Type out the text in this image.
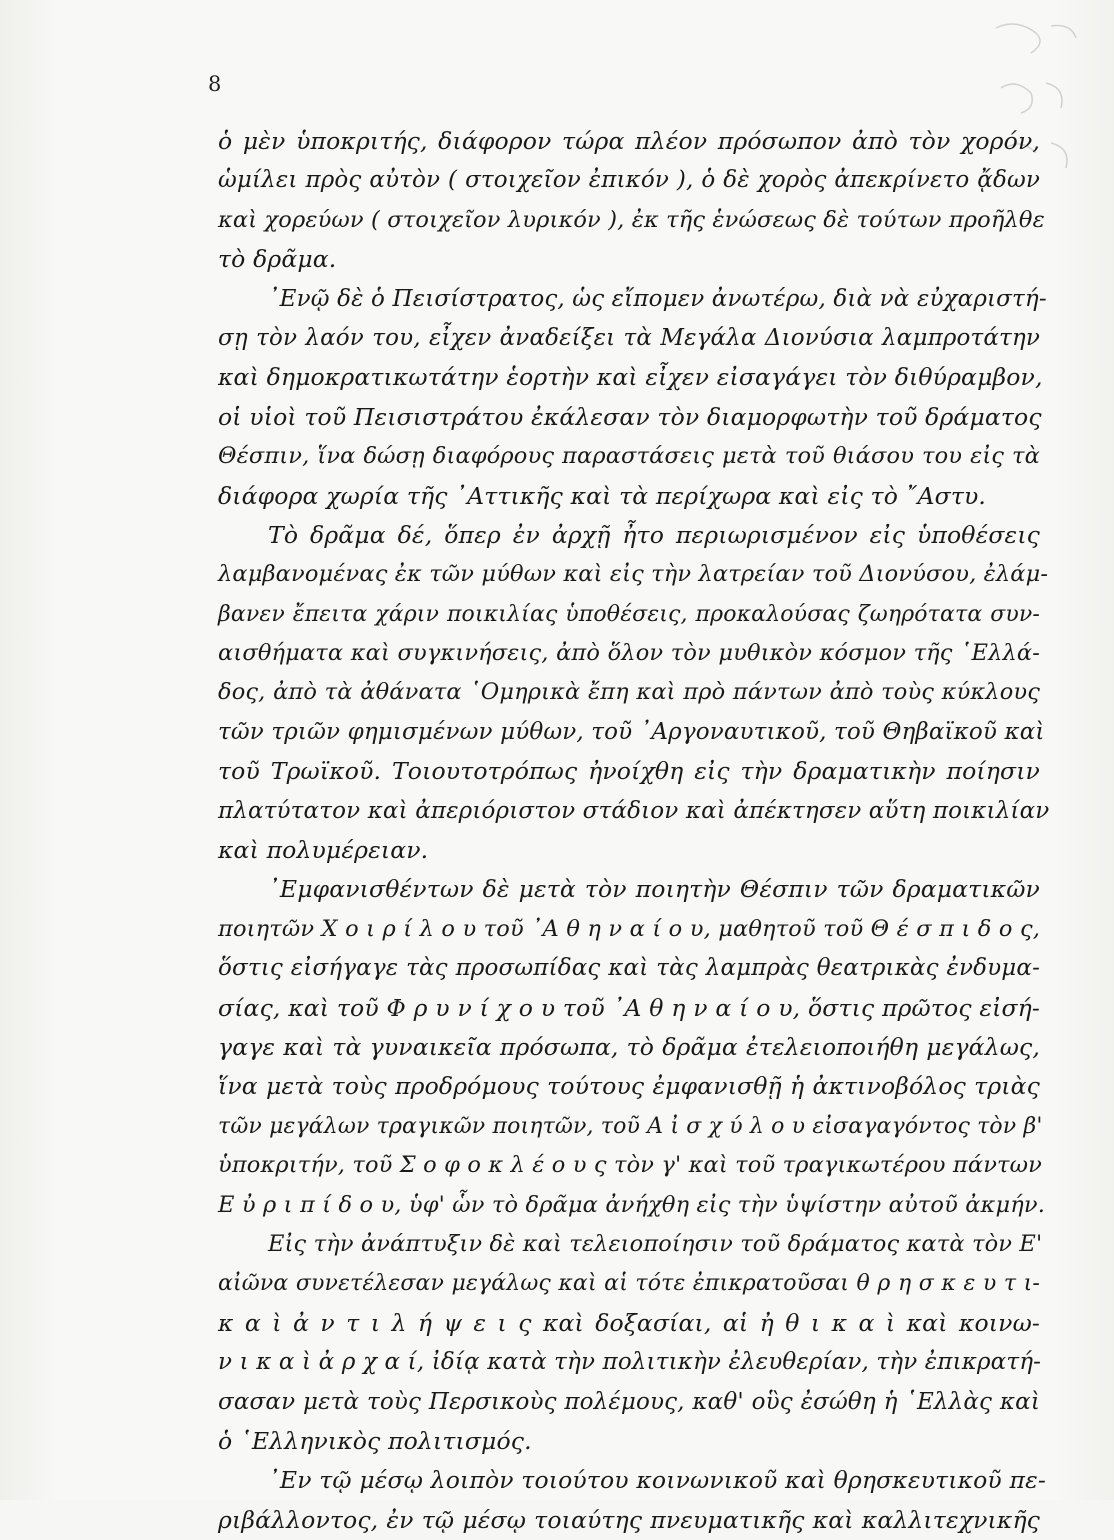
8
ὁ μὲν ὑποκριτής, διάφορον τώρα πλέον πρόσωπον ἀπὸ τὸν χορόν,
ὡμίλει πρὸς αὐτὸν ( στοιχεῖον ἐπικόν ), ὁ δὲ χορὸς ἀπεκρίνετο ᾄδων
καὶ χορεύων ( στοιχεῖον λυρικόν ), ἐκ τῆς ἑνώσεως δὲ τούτων προῆλθε
τὸ δρᾶμα.
᾿Ενῷ δὲ ὁ Πεισίστρατος, ὡς εἴπομεν ἀνωτέρω, διὰ νὰ εὐχαριστή-
σῃ τὸν λαόν του, εἶχεν ἀναδείξει τὰ Μεγάλα Διονύσια λαμπροτάτην
καὶ δημοκρατικωτάτην ἑορτὴν καὶ εἶχεν εἰσαγάγει τὸν διθύραμβον,
οἱ υἱοὶ τοῦ Πεισιστράτου ἐκάλεσαν τὸν διαμορφωτὴν τοῦ δράματος
Θέσπιν, ἵνα δώσῃ διαφόρους παραστάσεις μετὰ τοῦ θιάσου του εἰς τὰ
διάφορα χωρία τῆς ᾿Αττικῆς καὶ τὰ περίχωρα καὶ εἰς τὸ ῎Αστυ.
Τὸ δρᾶμα δέ, ὅπερ ἐν ἀρχῇ ἦτο περιωρισμένον εἰς ὑποθέσεις
λαμβανομένας ἐκ τῶν μύθων καὶ εἰς τὴν λατρείαν τοῦ Διονύσου, ἐλάμ-
βανεν ἔπειτα χάριν ποικιλίας ὑποθέσεις, προκαλούσας ζωηρότατα συν-
αισθήματα καὶ συγκινήσεις, ἀπὸ ὅλον τὸν μυθικὸν κόσμον τῆς ῾Ελλά-
δος, ἀπὸ τὰ ἀθάνατα ῾Ομηρικὰ ἔπη καὶ πρὸ πάντων ἀπὸ τοὺς κύκλους
τῶν τριῶν φημισμένων μύθων, τοῦ ᾿Αργοναυτικοῦ, τοῦ Θηβαϊκοῦ καὶ
τοῦ Τρωϊκοῦ. Τοιουτοτρόπως ἠνοίχθη εἰς τὴν δραματικὴν ποίησιν
πλατύτατον καὶ ἀπεριόριστον στάδιον καὶ ἀπέκτησεν αὕτη ποικιλίαν
καὶ πολυμέρειαν.
᾿Εμφανισθέντων δὲ μετὰ τὸν ποιητὴν Θέσπιν τῶν δραματικῶν
ποιητῶν Χ ο ι ρ ί λ ο υ τοῦ ᾿Α θ η ν α ί ο υ, μαθητοῦ τοῦ Θ έ σ π ι δ ο ς,
ὅστις εἰσήγαγε τὰς προσωπίδας καὶ τὰς λαμπρὰς θεατρικὰς ἐνδυμα-
σίας, καὶ τοῦ Φ ρ υ ν ί χ ο υ τοῦ ᾿Α θ η ν α ί ο υ, ὅστις πρῶτος εἰσή-
γαγε καὶ τὰ γυναικεῖα πρόσωπα, τὸ δρᾶμα ἐτελειοποιήθη μεγάλως,
ἵνα μετὰ τοὺς προδρόμους τούτους ἐμφανισθῇ ἡ ἀκτινοβόλος τριὰς
τῶν μεγάλων τραγικῶν ποιητῶν, τοῦ Α ἰ σ χ ύ λ ο υ εἰσαγαγόντος τὸν β'
ὑποκριτήν, τοῦ Σ ο φ ο κ λ έ ο υ ς τὸν γ' καὶ τοῦ τραγικωτέρου πάντων
Ε ὐ ρ ι π ί δ ο υ, ὑφ' ὧν τὸ δρᾶμα ἀνήχθη εἰς τὴν ὑψίστην αὐτοῦ ἀκμήν.
Εἰς τὴν ἀνάπτυξιν δὲ καὶ τελειοποίησιν τοῦ δράματος κατὰ τὸν Ε'
αἰῶνα συνετέλεσαν μεγάλως καὶ αἱ τότε ἐπικρατοῦσαι θ ρ η σ κ ε υ τ ι-
κ α ὶ ἀ ν τ ι λ ή ψ ε ι ς καὶ δοξασίαι, αἱ ἠ θ ι κ α ὶ καὶ κοινω-
ν ι κ α ὶ ἀ ρ χ α ί, ἰδίᾳ κατὰ τὴν πολιτικὴν ἐλευθερίαν, τὴν ἐπικρατή-
σασαν μετὰ τοὺς Περσικοὺς πολέμους, καθ' οὓς ἐσώθη ἡ ῾Ελλὰς καὶ
ὁ ῾Ελληνικὸς πολιτισμός.
᾿Εν τῷ μέσῳ λοιπὸν τοιούτου κοινωνικοῦ καὶ θρησκευτικοῦ πε-
ριβάλλοντος, ἐν τῷ μέσῳ τοιαύτης πνευματικῆς καὶ καλλιτεχνικῆς
